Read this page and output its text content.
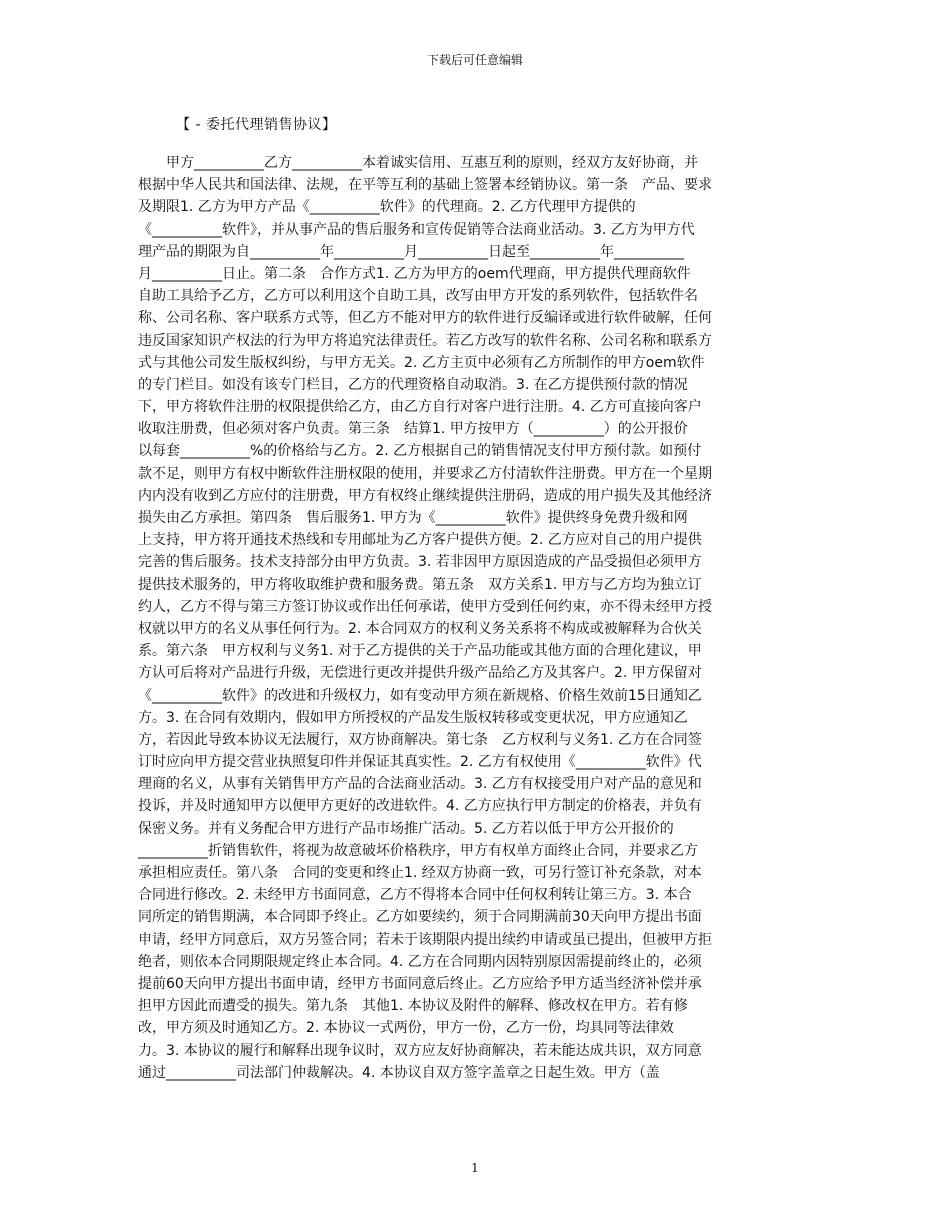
下载后可任意编辑
【 - 委托代理销售协议】
　　甲方__________乙方__________本着诚实信用、互惠互利的原则，经双方友好协商，并
根据中华人民共和国法律、法规，在平等互利的基础上签署本经销协议。第一条　产品、要求
及期限1. 乙方为甲方产品《__________软件》的代理商。2. 乙方代理甲方提供的
《__________软件》，并从事产品的售后服务和宣传促销等合法商业活动。3. 乙方为甲方代
理产品的期限为自__________年__________月__________日起至__________年__________
月__________日止。第二条　合作方式1. 乙方为甲方的oem代理商，甲方提供代理商软件
自助工具给予乙方，乙方可以利用这个自助工具，改写由甲方开发的系列软件，包括软件名
称、公司名称、客户联系方式等，但乙方不能对甲方的软件进行反编译或进行软件破解，任何
违反国家知识产权法的行为甲方将追究法律责任。若乙方改写的软件名称、公司名称和联系方
式与其他公司发生版权纠纷，与甲方无关。2. 乙方主页中必须有乙方所制作的甲方oem软件
的专门栏目。如没有该专门栏目，乙方的代理资格自动取消。3. 在乙方提供预付款的情况
下，甲方将软件注册的权限提供给乙方，由乙方自行对客户进行注册。4. 乙方可直接向客户
收取注册费，但必须对客户负责。第三条　结算1. 甲方按甲方（__________）的公开报价
以每套__________%的价格给与乙方。2. 乙方根据自己的销售情况支付甲方预付款。如预付
款不足，则甲方有权中断软件注册权限的使用，并要求乙方付清软件注册费。甲方在一个星期
内内没有收到乙方应付的注册费，甲方有权终止继续提供注册码，造成的用户损失及其他经济
损失由乙方承担。第四条　售后服务1. 甲方为《__________软件》提供终身免费升级和网
上支持，甲方将开通技术热线和专用邮址为乙方客户提供方便。2. 乙方应对自己的用户提供
完善的售后服务。技术支持部分由甲方负责。3. 若非因甲方原因造成的产品受损但必须甲方
提供技术服务的，甲方将收取维护费和服务费。第五条　双方关系1. 甲方与乙方均为独立订
约人，乙方不得与第三方签订协议或作出任何承诺，使甲方受到任何约束，亦不得未经甲方授
权就以甲方的名义从事任何行为。2. 本合同双方的权利义务关系将不构成或被解释为合伙关
系。第六条　甲方权利与义务1. 对于乙方提供的关于产品功能或其他方面的合理化建议，甲
方认可后将对产品进行升级，无偿进行更改并提供升级产品给乙方及其客户。2. 甲方保留对
《__________软件》的改进和升级权力，如有变动甲方须在新规格、价格生效前15日通知乙
方。3. 在合同有效期内，假如甲方所授权的产品发生版权转移或变更状况，甲方应通知乙
方，若因此导致本协议无法履行，双方协商解决。第七条　乙方权利与义务1. 乙方在合同签
订时应向甲方提交营业执照复印件并保证其真实性。2. 乙方有权使用《__________软件》代
理商的名义，从事有关销售甲方产品的合法商业活动。3. 乙方有权接受用户对产品的意见和
投诉，并及时通知甲方以便甲方更好的改进软件。4. 乙方应执行甲方制定的价格表，并负有
保密义务。并有义务配合甲方进行产品市场推广活动。5. 乙方若以低于甲方公开报价的
__________折销售软件，将视为故意破坏价格秩序，甲方有权单方面终止合同，并要求乙方
承担相应责任。第八条　合同的变更和终止1. 经双方协商一致，可另行签订补充条款，对本
合同进行修改。2. 未经甲方书面同意，乙方不得将本合同中任何权利转让第三方。3. 本合
同所定的销售期满，本合同即予终止。乙方如要续约，须于合同期满前30天向甲方提出书面
申请，经甲方同意后，双方另签合同；若未于该期限内提出续约申请或虽已提出，但被甲方拒
绝者，则依本合同期限规定终止本合同。4. 乙方在合同期内因特别原因需提前终止的，必须
提前60天向甲方提出书面申请，经甲方书面同意后终止。乙方应给予甲方适当经济补偿并承
担甲方因此而遭受的损失。第九条　其他1. 本协议及附件的解释、修改权在甲方。若有修
改，甲方须及时通知乙方。2. 本协议一式两份，甲方一份，乙方一份，均具同等法律效
力。3. 本协议的履行和解释出现争议时，双方应友好协商解决，若未能达成共识，双方同意
通过__________司法部门仲裁解决。4. 本协议自双方签字盖章之日起生效。甲方（盖
1
